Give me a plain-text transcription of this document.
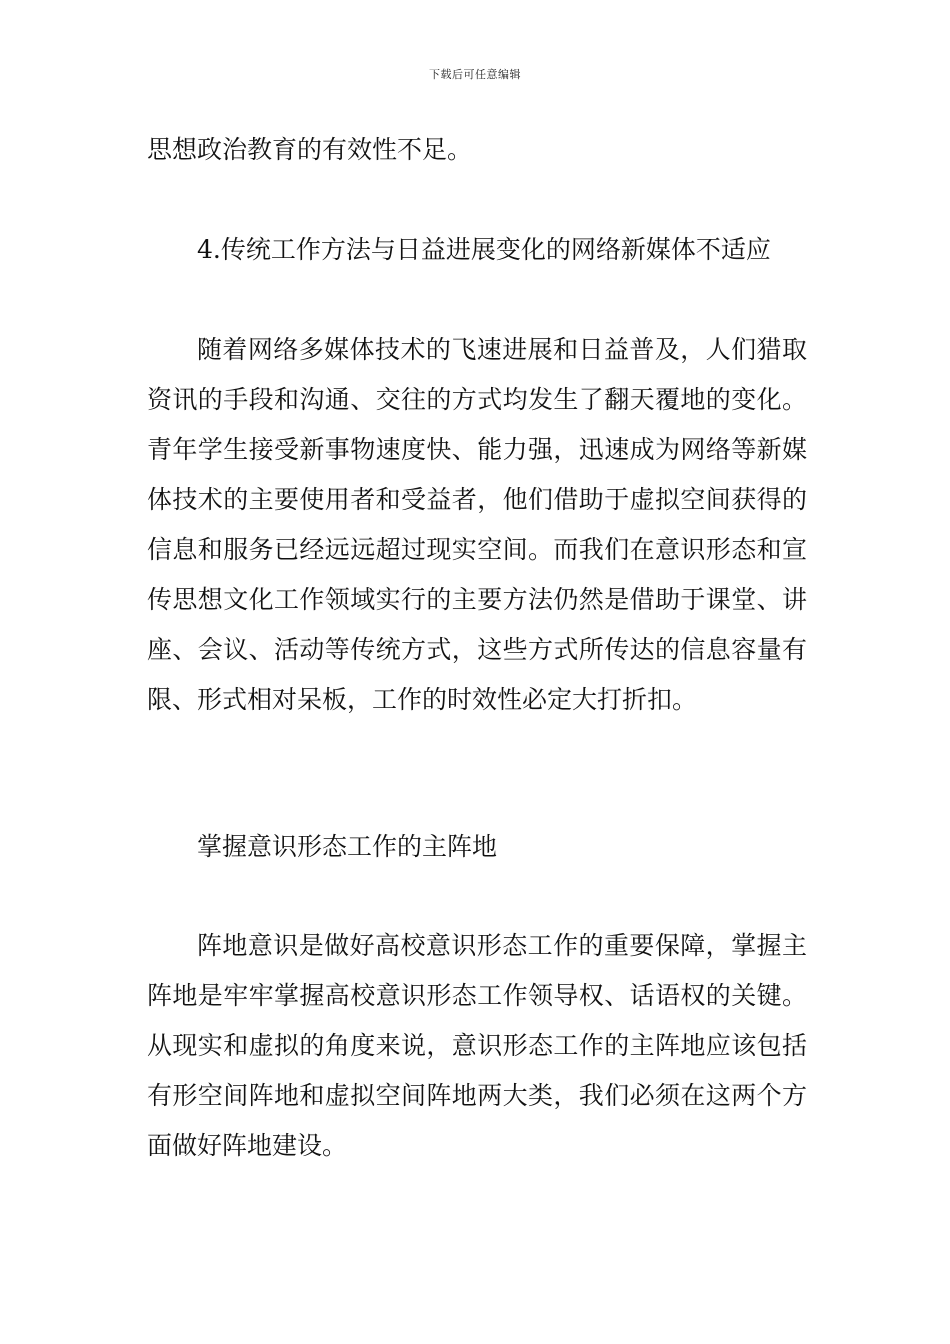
下载后可任意编辑

思想政治教育的有效性不足。

4.传统工作方法与日益进展变化的网络新媒体不适应

随着网络多媒体技术的飞速进展和日益普及，人们猎取资讯的手段和沟通、交往的方式均发生了翻天覆地的变化。青年学生接受新事物速度快、能力强，迅速成为网络等新媒体技术的主要使用者和受益者，他们借助于虚拟空间获得的信息和服务已经远远超过现实空间。而我们在意识形态和宣传思想文化工作领域实行的主要方法仍然是借助于课堂、讲座、会议、活动等传统方式，这些方式所传达的信息容量有限、形式相对呆板，工作的时效性必定大打折扣。

掌握意识形态工作的主阵地

阵地意识是做好高校意识形态工作的重要保障，掌握主阵地是牢牢掌握高校意识形态工作领导权、话语权的关键。从现实和虚拟的角度来说，意识形态工作的主阵地应该包括有形空间阵地和虚拟空间阵地两大类，我们必须在这两个方面做好阵地建设。
